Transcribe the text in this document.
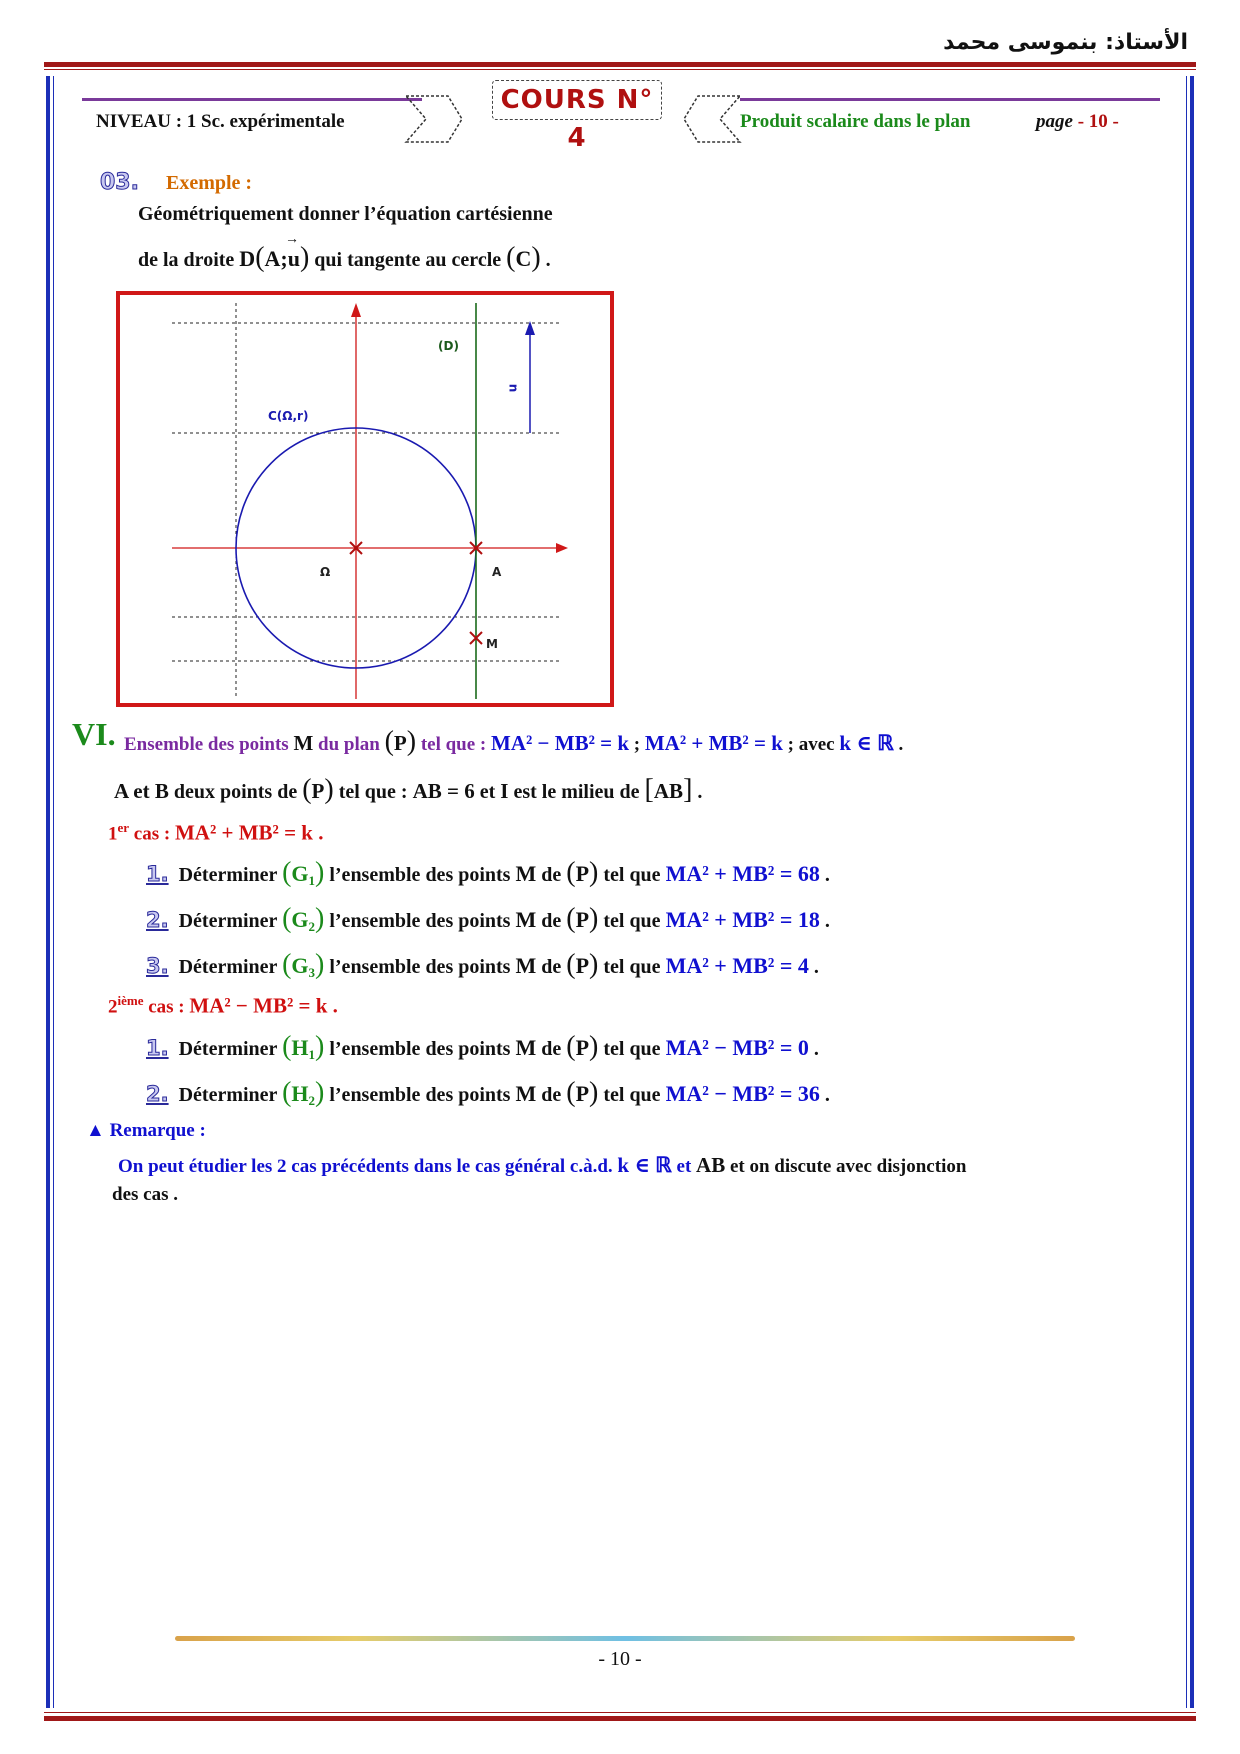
الأستاذ: بنموسى محمد
NIVEAU : 1 Sc. expérimentale
COURS N° 4
Produit scalaire dans le plan	page - 10 -
03. Exemple :
Géométriquement donner l’équation cartésienne
de la droite D(A;u
→
) qui tangente au cercle (C) .
(D)
u
C(Ω,r)
Ω	A
M
VI. Ensemble des points M du plan (P) tel que : MA² − MB² = k ; MA² + MB² = k ; avec k ∈ ℝ .
A et B deux points de (P) tel que : AB = 6 et I est le milieu de [AB] .
1er cas : MA² + MB² = k .
1. Déterminer $(G_1)$ l’ensemble des points M de (P) tel que MA² + MB² = 68 .
2. Déterminer $(G_2)$ l’ensemble des points M de (P) tel que MA² + MB² = 18 .
3. Déterminer $(G_3)$ l’ensemble des points M de (P) tel que MA² + MB² = 4 .
2ième cas : MA² − MB² = k .
1. Déterminer $(H_1)$ l’ensemble des points M de (P) tel que MA² − MB² = 0 .
2. Déterminer $(H_2)$ l’ensemble des points M de (P) tel que MA² − MB² = 36 .
▲ Remarque :
On peut étudier les 2 cas précédents dans le cas général c.à.d. k ∈ ℝ et AB et on discute avec disjonction
des cas .
- 10 -
